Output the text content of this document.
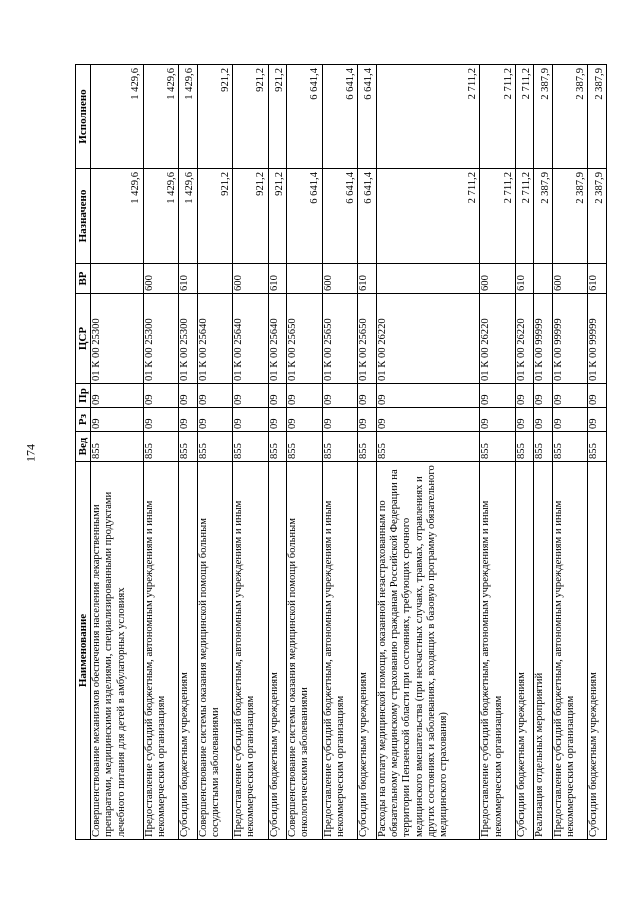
174
Наименование	Вед	Рз	Пр	ЦСР	ВР	Назначено	Исполнено
Совершенствование механизмов обеспечения населения лекарственными препаратами, медицинскими изделиями, специализированными продуктами лечебного питания для детей в амбулаторных условиях	855	09	09	01 К 00 25300		1 429,6	1 429,6
Предоставление субсидий бюджетным, автономным учреждениям и иным некоммерческим организациям	855	09	09	01 К 00 25300	600	1 429,6	1 429,6
Субсидии бюджетным учреждениям	855	09	09	01 К 00 25300	610	1 429,6	1 429,6
Совершенствование системы оказания медицинской помощи больным сосудистыми заболеваниями	855	09	09	01 К 00 25640		921,2	921,2
Предоставление субсидий бюджетным, автономным учреждениям и иным некоммерческим организациям	855	09	09	01 К 00 25640	600	921,2	921,2
Субсидии бюджетным учреждениям	855	09	09	01 К 00 25640	610	921,2	921,2
Совершенствование системы оказания медицинской помощи больным онкологическими заболеваниями	855	09	09	01 К 00 25650		6 641,4	6 641,4
Предоставление субсидий бюджетным, автономным учреждениям и иным некоммерческим организациям	855	09	09	01 К 00 25650	600	6 641,4	6 641,4
Субсидии бюджетным учреждениям	855	09	09	01 К 00 25650	610	6 641,4	6 641,4
Расходы на оплату медицинской помощи, оказанной незастрахованным по обязательному медицинскому страхованию гражданам Российской Федерации на территории Пензенской области при состояниях, требующих срочного медицинского вмешательства (при несчастных случаях, травмах, отравлениях и других состояниях и заболеваниях, входящих в базовую программу обязательного медицинского страхования)	855	09	09	01 К 00 26220		2 711,2	2 711,2
Предоставление субсидий бюджетным, автономным учреждениям и иным некоммерческим организациям	855	09	09	01 К 00 26220	600	2 711,2	2 711,2
Субсидии бюджетным учреждениям	855	09	09	01 К 00 26220	610	2 711,2	2 711,2
Реализация отдельных мероприятий	855	09	09	01 К 00 99999		2 387,9	2 387,9
Предоставление субсидий бюджетным, автономным учреждениям и иным некоммерческим организациям	855	09	09	01 К 00 99999	600	2 387,9	2 387,9
Субсидии бюджетным учреждениям	855	09	09	01 К 00 99999	610	2 387,9	2 387,9
